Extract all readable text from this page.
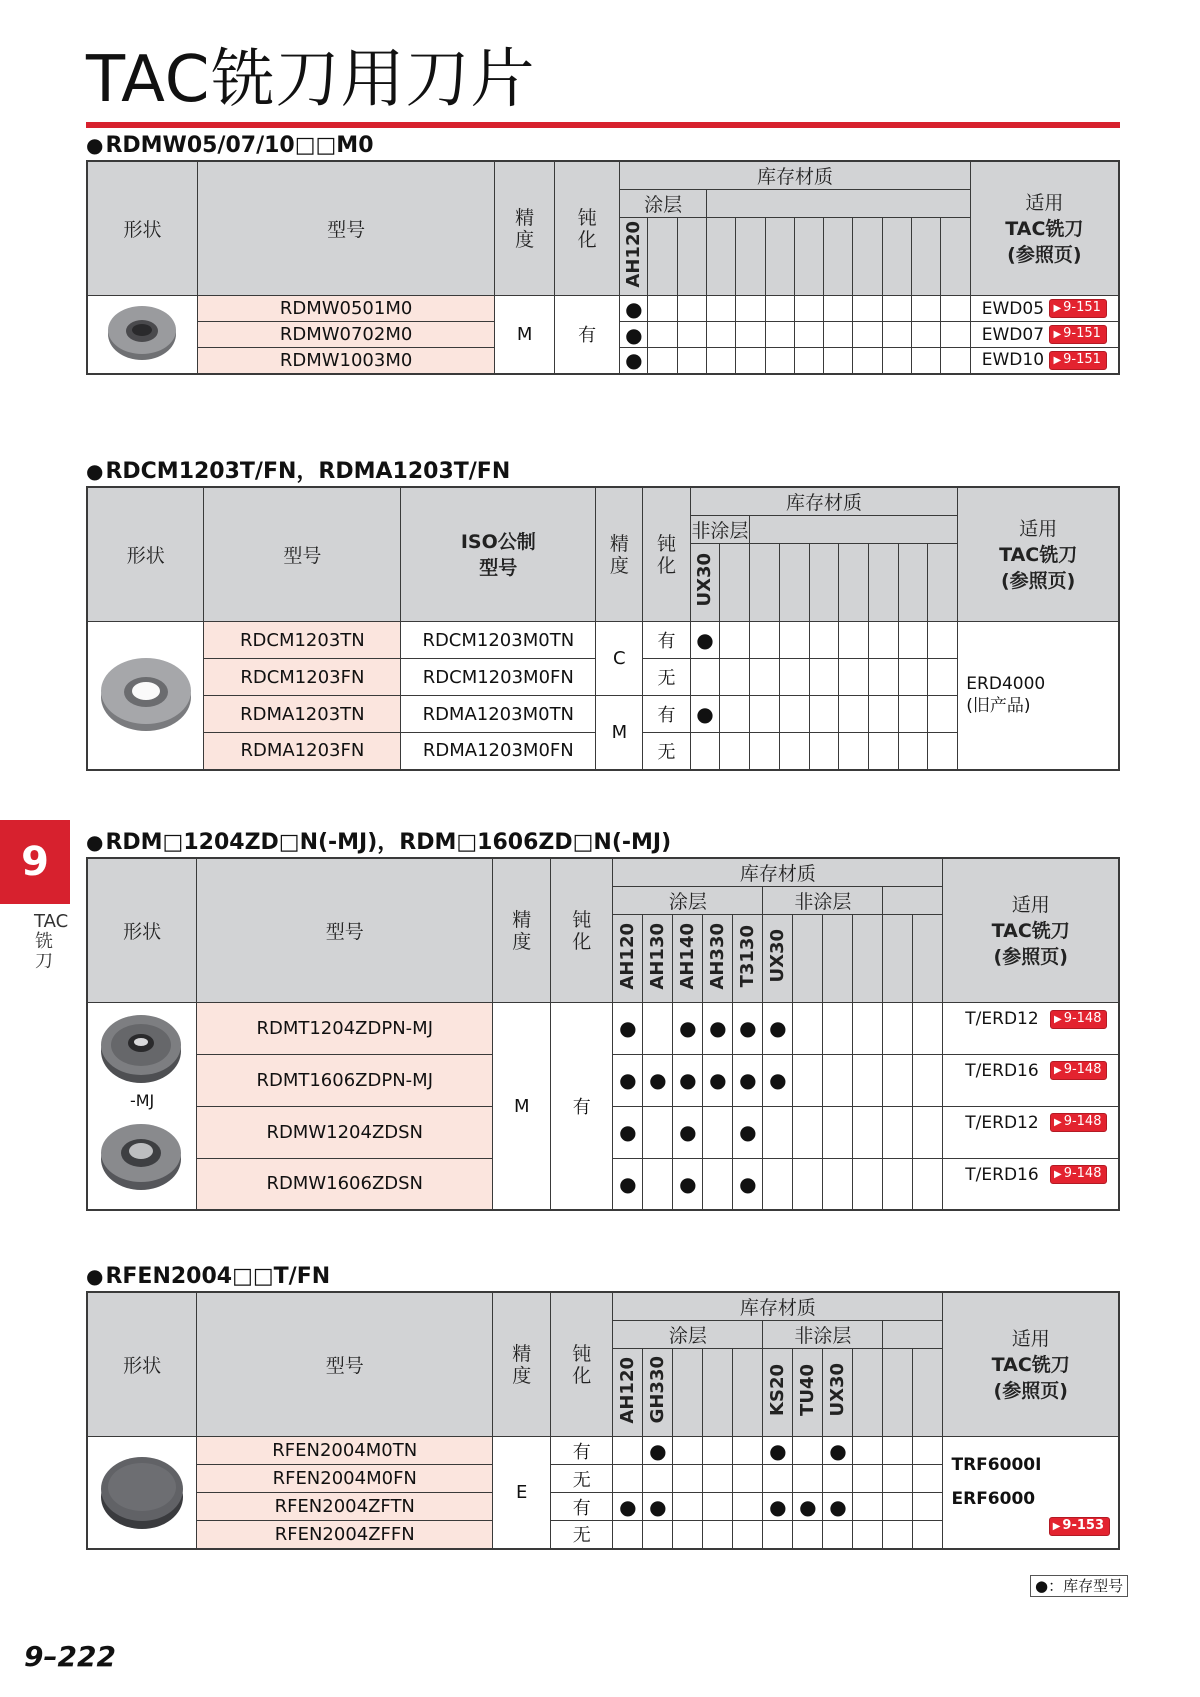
TAC铣刀用刀片
●RDMW05/07/10□□M0
形状	型号	精度	钝化	库存材质												适用
TAC铣刀
(参照页)

				涂层												
				AH120												
	RDMW0501M0	M	有	●												EWD05 ▶ 9-151
	RDMW0702M0			●												EWD07 ▶ 9-151
	RDMW1003M0			●												EWD10 ▶ 9-151
●RDCM1203T/FN，RDMA1203T/FN
形状	型号	ISO公制型号	精度	钝化	库存材质									适用
TAC铣刀
(参照页)

					非涂层									
					UX30									
	RDCM1203TN	RDCM1203M0TN	C	有	●									ERD4000
(旧产品)
	RDCM1203FN	RDCM1203M0FN		无										
	RDMA1203TN	RDMA1203M0TN	M	有	●									
	RDMA1203FN	RDMA1203M0FN		无										
9
TAC铣刀
●RDM□1204ZD□N(-MJ)，RDM□1606ZD□N(-MJ)
形状	型号	精度	钝化	库存材质											适用
TAC铣刀
(参照页)

				涂层					非涂层						
				AH120	AH130	AH140	AH330	T3130	UX30						

-MJ	RDMT1204ZDPN-MJ	M	有	●		●	●	●	●						T/ERD12 ▶ 9-148
	RDMT1606ZDPN-MJ			●	●	●	●	●	●						T/ERD16 ▶ 9-148
	RDMW1204ZDSN			●		●		●							T/ERD12 ▶ 9-148
	RDMW1606ZDSN			●		●		●							T/ERD16 ▶ 9-148
●RFEN2004□□T/FN
形状	型号	精度	钝化	库存材质											适用
TAC铣刀
(参照页)

				涂层					非涂层						
				AH120	GH330				KS20	TU40	UX30				
	RFEN2004M0TN	E	有		●				●		●				TRF6000I
ERF6000

▶ 9-153

	RFEN2004M0FN		无												
	RFEN2004ZFTN		有	●	●				●	●	●				
	RFEN2004ZFFN		无												
●：库存型号
9–222
